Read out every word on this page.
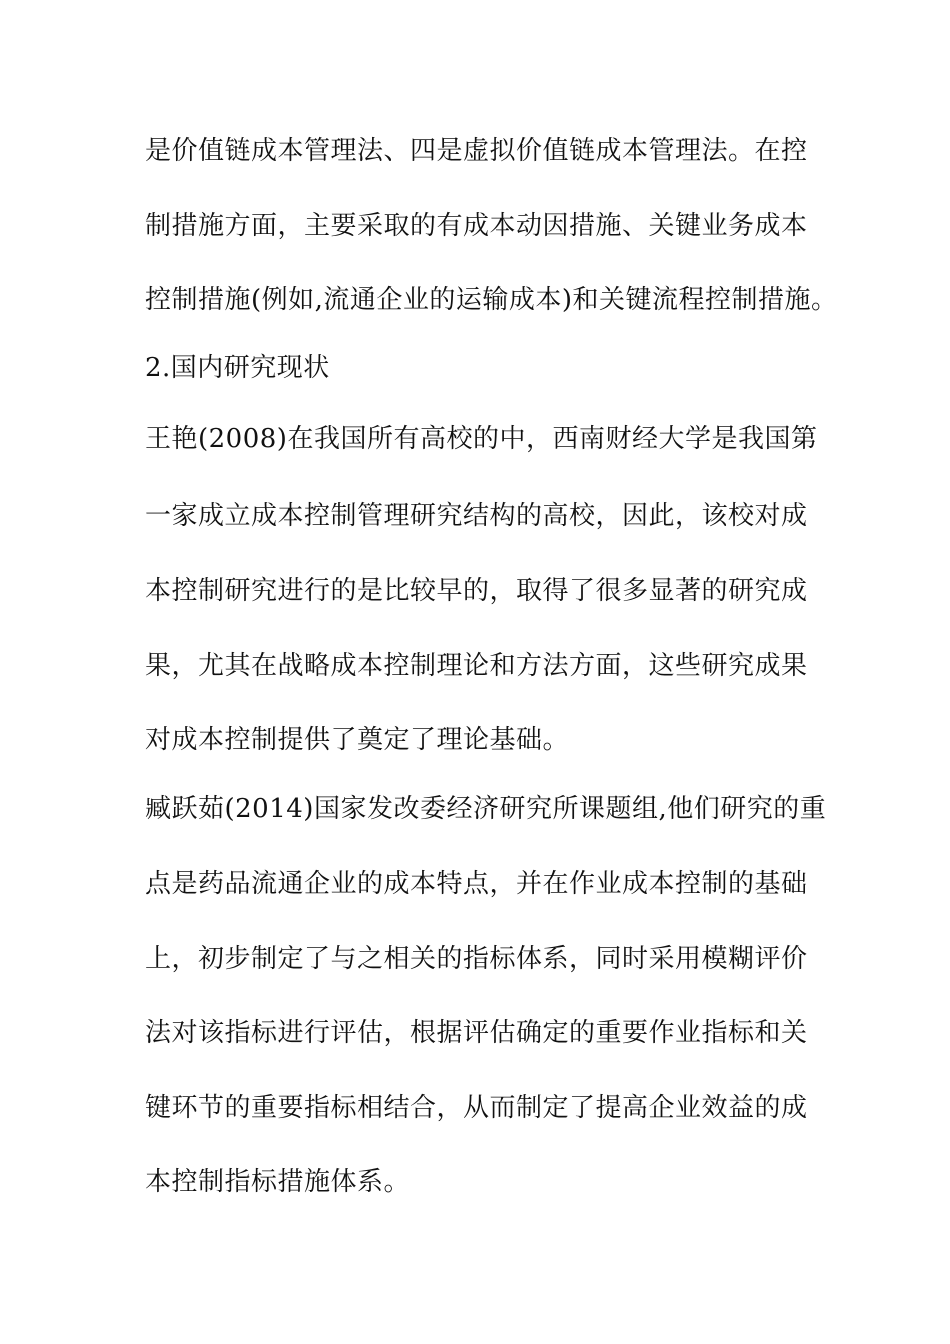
是价值链成本管理法、四是虚拟价值链成本管理法。在控
制措施方面，主要采取的有成本动因措施、关键业务成本
控制措施(例如,流通企业的运输成本)和关键流程控制措施。
2.国内研究现状
王艳(2008)在我国所有高校的中，西南财经大学是我国第
一家成立成本控制管理研究结构的高校，因此，该校对成
本控制研究进行的是比较早的，取得了很多显著的研究成
果，尤其在战略成本控制理论和方法方面，这些研究成果
对成本控制提供了奠定了理论基础。
臧跃茹(2014)国家发改委经济研究所课题组,他们研究的重
点是药品流通企业的成本特点，并在作业成本控制的基础
上，初步制定了与之相关的指标体系，同时采用模糊评价
法对该指标进行评估，根据评估确定的重要作业指标和关
键环节的重要指标相结合，从而制定了提高企业效益的成
本控制指标措施体系。
